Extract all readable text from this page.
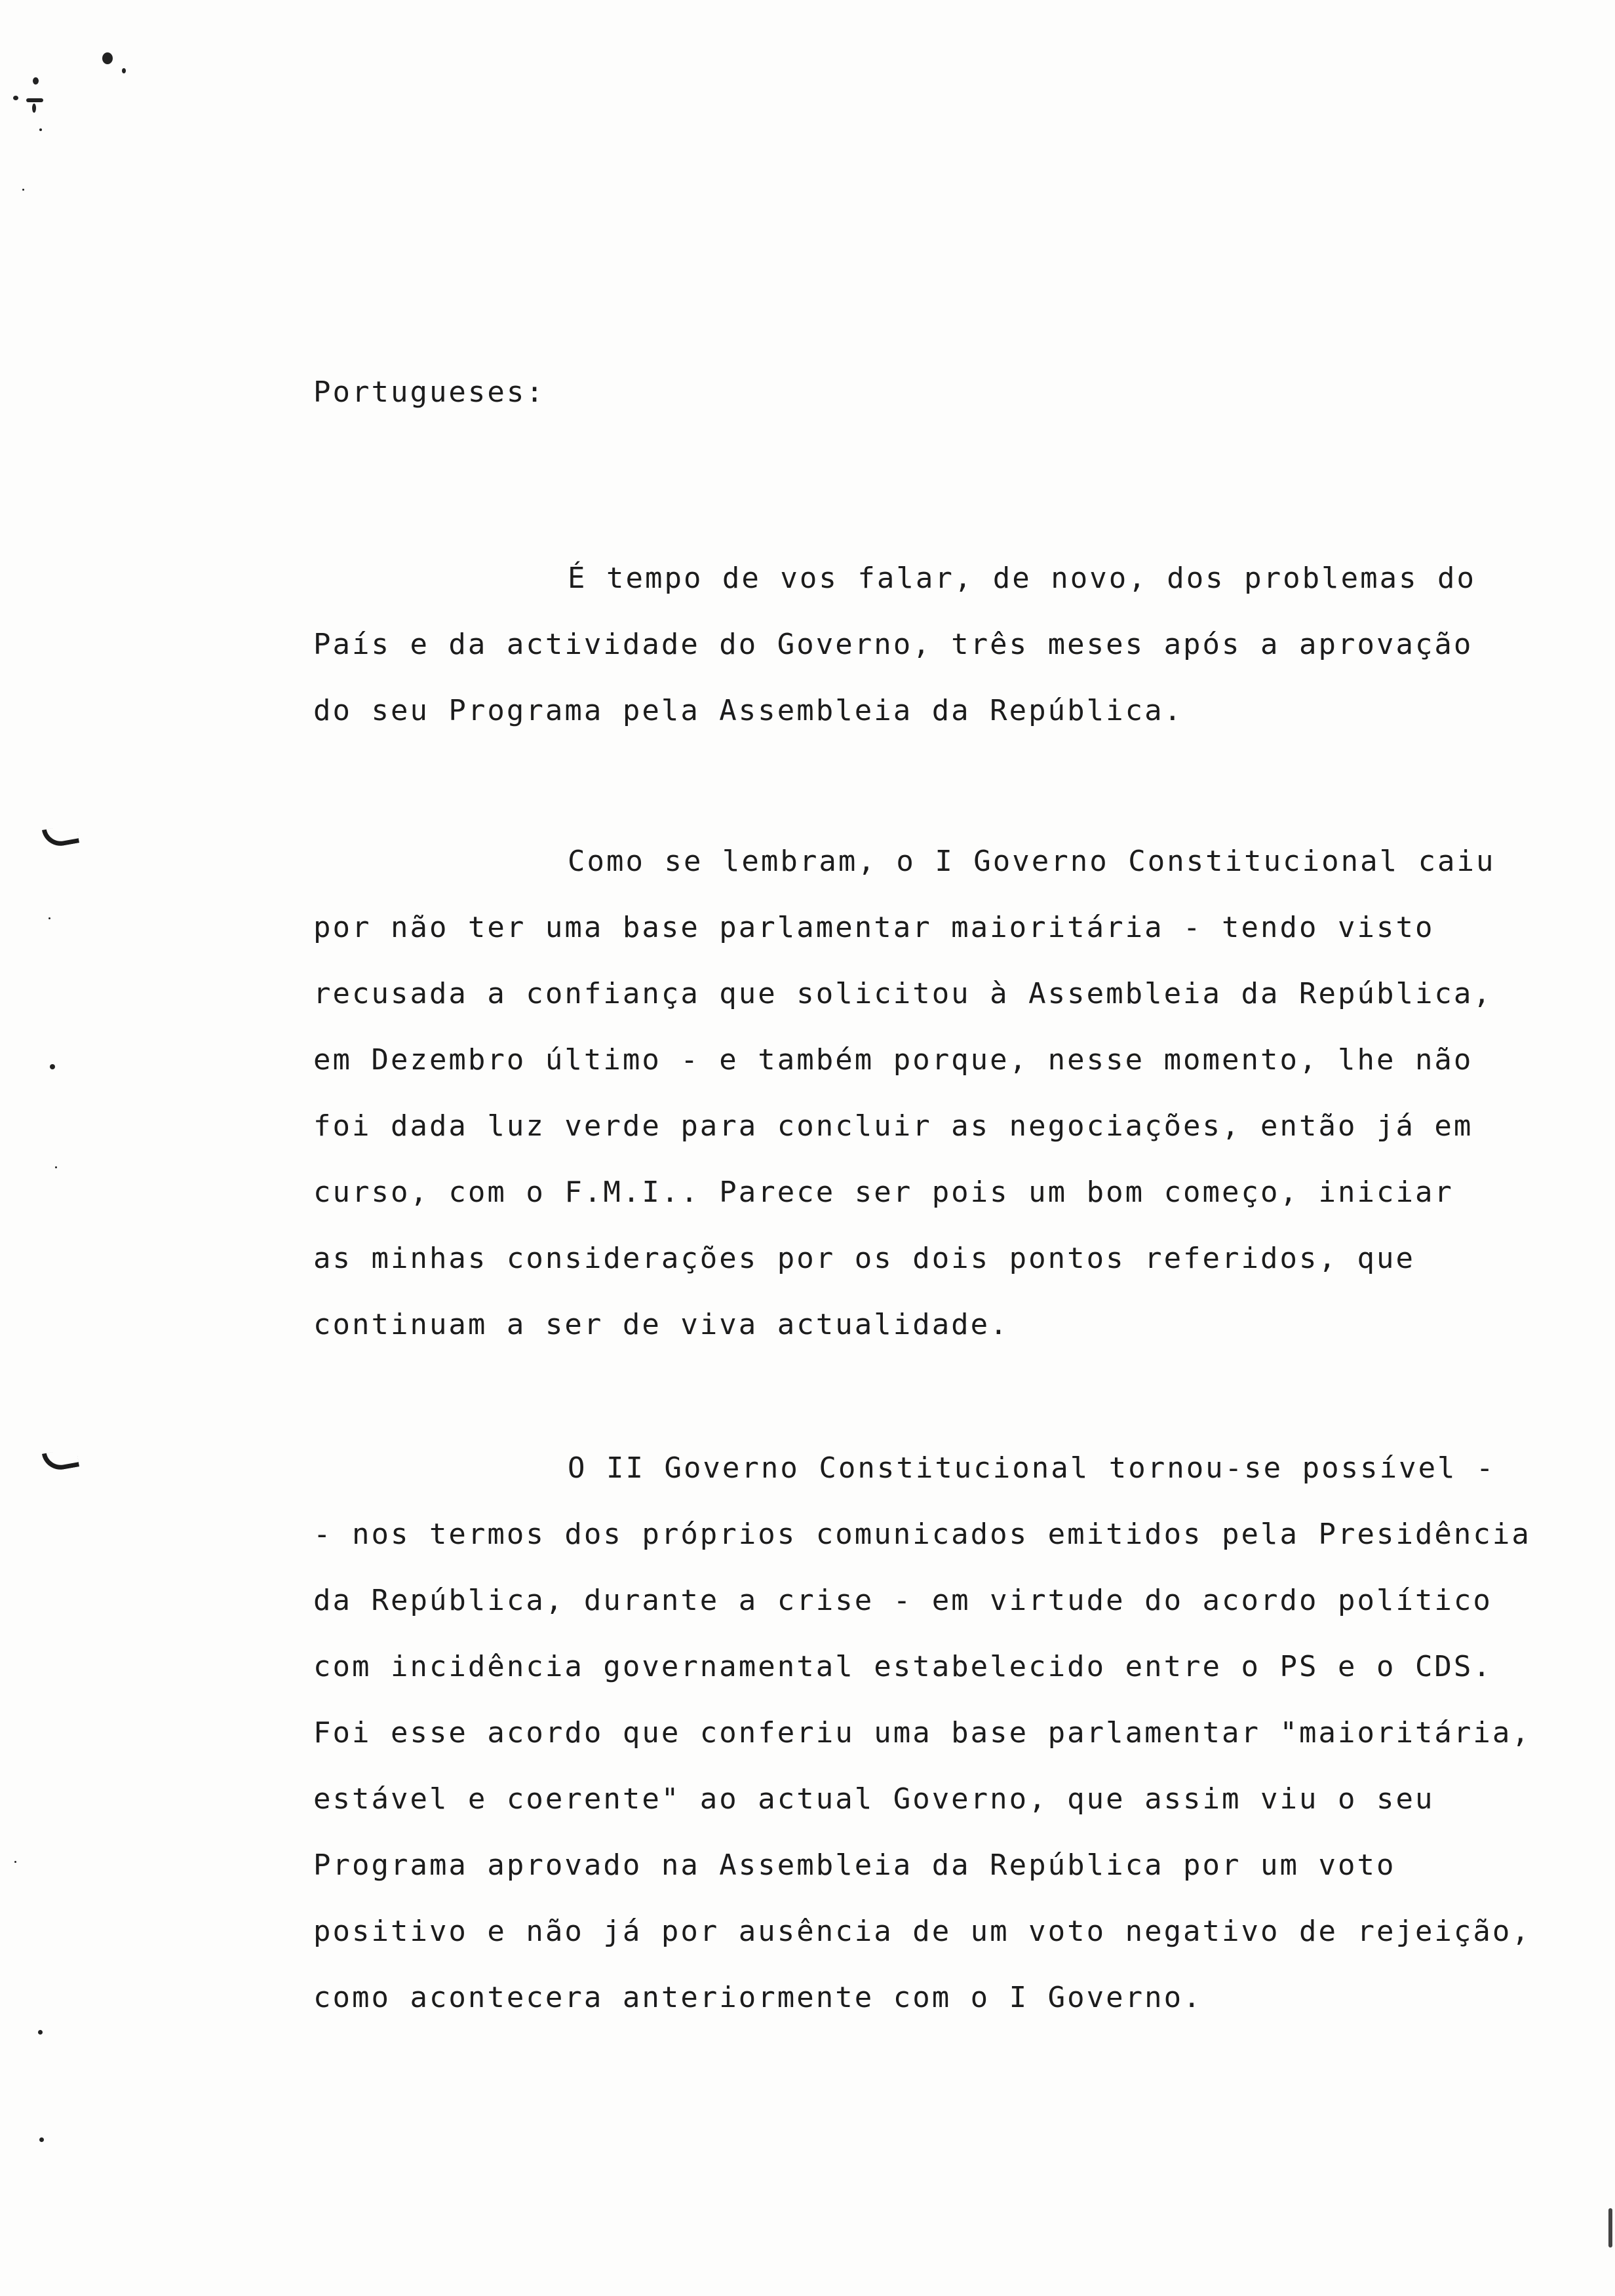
Portugueses:

É tempo de vos falar, de novo, dos problemas do
País e da actividade do Governo, três meses após a aprovação
do seu Programa pela Assembleia da República.

Como se lembram, o I Governo Constitucional caiu
por não ter uma base parlamentar maioritária - tendo visto
recusada a confiança que solicitou à Assembleia da República,
em Dezembro último - e também porque, nesse momento, lhe não
foi dada luz verde para concluir as negociações, então já em
curso, com o F.M.I.. Parece ser pois um bom começo, iniciar
as minhas considerações por os dois pontos referidos, que
continuam a ser de viva actualidade.

O II Governo Constitucional tornou-se possível -
- nos termos dos próprios comunicados emitidos pela Presidência
da República, durante a crise - em virtude do acordo político
com incidência governamental estabelecido entre o PS e o CDS.
Foi esse acordo que conferiu uma base parlamentar "maioritária,
estável e coerente" ao actual Governo, que assim viu o seu
Programa aprovado na Assembleia da República por um voto
positivo e não já por ausência de um voto negativo de rejeição,
como acontecera anteriormente com o I Governo.
